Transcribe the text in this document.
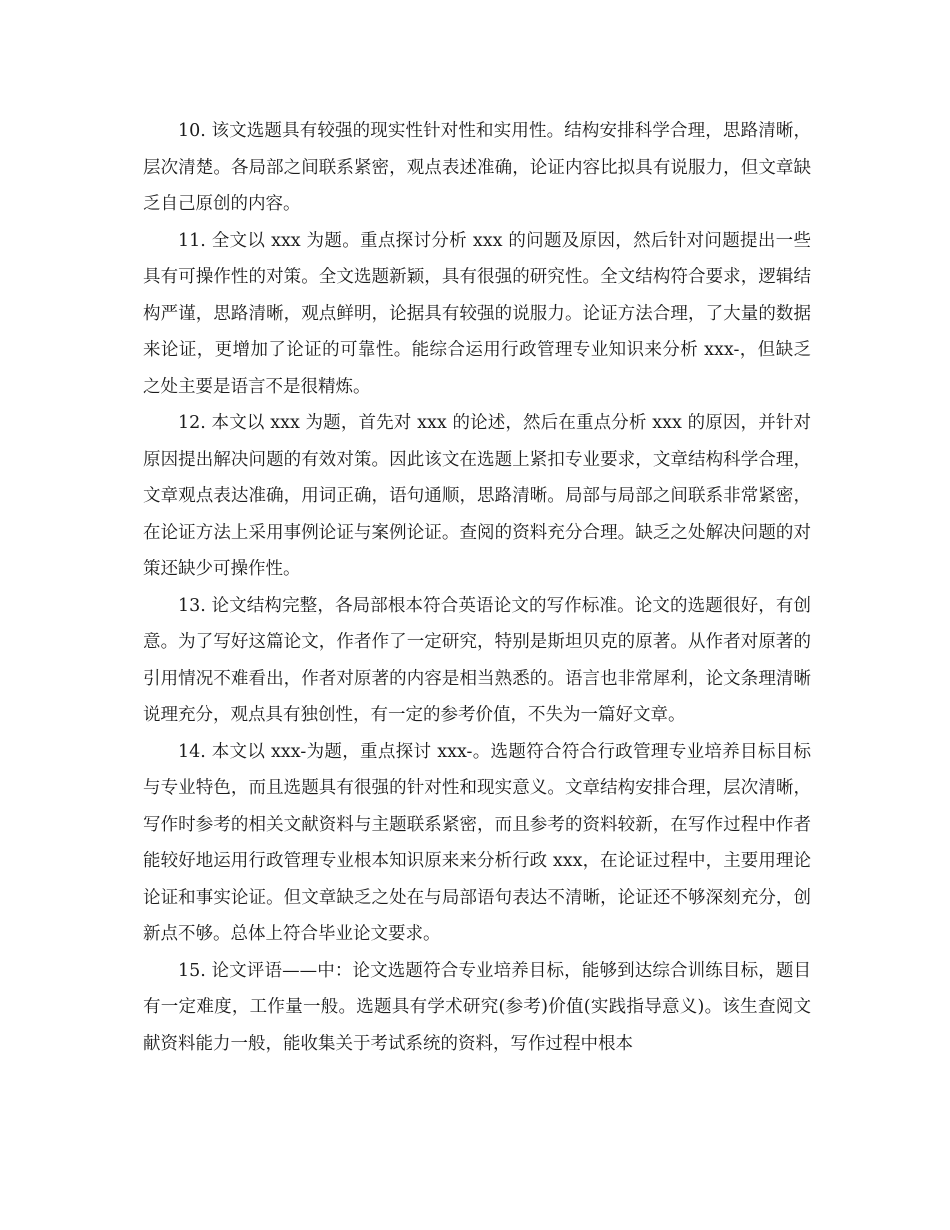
10. 该文选题具有较强的现实性针对性和实用性。结构安排科学合理，思路清晰，层次清楚。各局部之间联系紧密，观点表述准确，论证内容比拟具有说服力，但文章缺乏自己原创的内容。

11. 全文以 xxx 为题。重点探讨分析 xxx 的问题及原因，然后针对问题提出一些具有可操作性的对策。全文选题新颖，具有很强的研究性。全文结构符合要求，逻辑结构严谨，思路清晰，观点鲜明，论据具有较强的说服力。论证方法合理，了大量的数据来论证，更增加了论证的可靠性。能综合运用行政管理专业知识来分析 xxx-，但缺乏之处主要是语言不是很精炼。

12. 本文以 xxx 为题，首先对 xxx 的论述，然后在重点分析 xxx 的原因，并针对原因提出解决问题的有效对策。因此该文在选题上紧扣专业要求，文章结构科学合理，文章观点表达准确，用词正确，语句通顺，思路清晰。局部与局部之间联系非常紧密，在论证方法上采用事例论证与案例论证。查阅的资料充分合理。缺乏之处解决问题的对策还缺少可操作性。

13. 论文结构完整，各局部根本符合英语论文的写作标准。论文的选题很好，有创意。为了写好这篇论文，作者作了一定研究，特别是斯坦贝克的原著。从作者对原著的引用情况不难看出，作者对原著的内容是相当熟悉的。语言也非常犀利，论文条理清晰说理充分，观点具有独创性，有一定的参考价值，不失为一篇好文章。

14. 本文以 xxx-为题，重点探讨 xxx-。选题符合符合行政管理专业培养目标目标与专业特色，而且选题具有很强的针对性和现实意义。文章结构安排合理，层次清晰，写作时参考的相关文献资料与主题联系紧密，而且参考的资料较新，在写作过程中作者能较好地运用行政管理专业根本知识原来来分析行政 xxx，在论证过程中，主要用理论论证和事实论证。但文章缺乏之处在与局部语句表达不清晰，论证还不够深刻充分，创新点不够。总体上符合毕业论文要求。

15. 论文评语——中：论文选题符合专业培养目标，能够到达综合训练目标，题目有一定难度，工作量一般。选题具有学术研究(参考)价值(实践指导意义)。该生查阅文献资料能力一般，能收集关于考试系统的资料，写作过程中根本
